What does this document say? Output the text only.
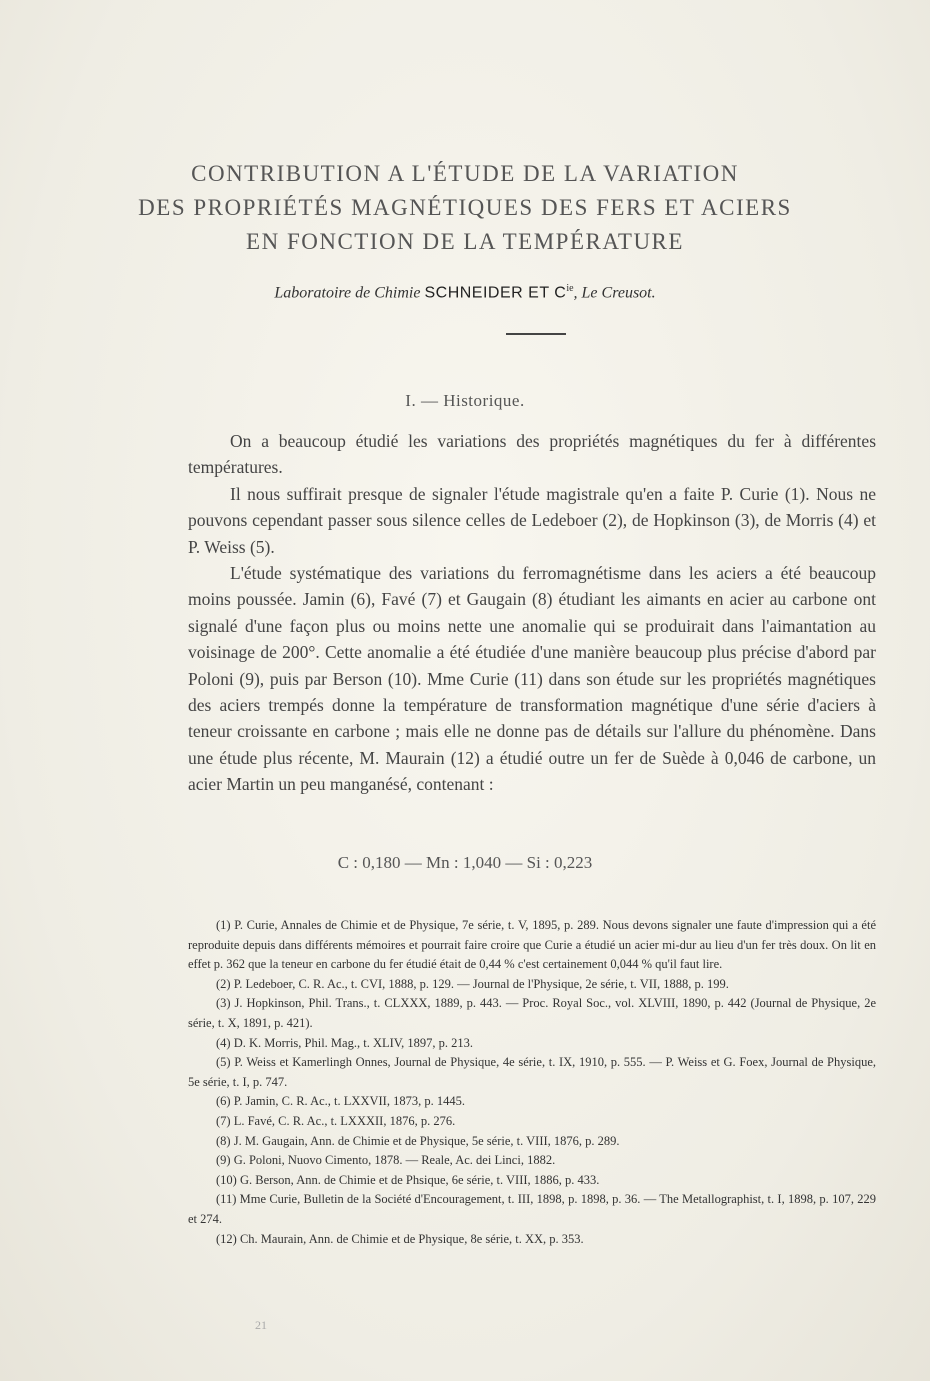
CONTRIBUTION A L'ÉTUDE DE LA VARIATION
DES PROPRIÉTÉS MAGNÉTIQUES DES FERS ET ACIERS
EN FONCTION DE LA TEMPÉRATURE
Laboratoire de Chimie SCHNEIDER ET $C^{ie}$, Le Creusot.
I. — Historique.

On a beaucoup étudié les variations des propriétés magnétiques du fer à différentes températures.

Il nous suffirait presque de signaler l'étude magistrale qu'en a faite P. Curie (1). Nous ne pouvons cependant passer sous silence celles de Ledeboer (2), de Hopkinson (3), de Morris (4) et P. Weiss (5).

L'étude systématique des variations du ferromagnétisme dans les aciers a été beaucoup moins poussée. Jamin (6), Favé (7) et Gaugain (8) étudiant les aimants en acier au carbone ont signalé d'une façon plus ou moins nette une anomalie qui se produirait dans l'aimantation au voisinage de 200°. Cette anomalie a été étudiée d'une manière beaucoup plus précise d'abord par Poloni (9), puis par Berson (10). Mme Curie (11) dans son étude sur les propriétés magnétiques des aciers trempés donne la température de transformation magnétique d'une série d'aciers à teneur croissante en carbone ; mais elle ne donne pas de détails sur l'allure du phénomène. Dans une étude plus récente, M. Maurain (12) a étudié outre un fer de Suède à 0,046 de carbone, un acier Martin un peu manganésé, contenant :

C : 0,180 — Mn : 1,040 — Si : 0,223

(1) P. Curie, Annales de Chimie et de Physique, 7e série, t. V, 1895, p. 289. Nous devons signaler une faute d'impression qui a été reproduite depuis dans différents mémoires et pourrait faire croire que Curie a étudié un acier mi-dur au lieu d'un fer très doux. On lit en effet p. 362 que la teneur en carbone du fer étudié était de 0,44 % c'est certainement 0,044 % qu'il faut lire.

(2) P. Ledeboer, C. R. Ac., t. CVI, 1888, p. 129. — Journal de l'Physique, 2e série, t. VII, 1888, p. 199.

(3) J. Hopkinson, Phil. Trans., t. CLXXX, 1889, p. 443. — Proc. Royal Soc., vol. XLVIII, 1890, p. 442 (Journal de Physique, 2e série, t. X, 1891, p. 421).

(4) D. K. Morris, Phil. Mag., t. XLIV, 1897, p. 213.

(5) P. Weiss et Kamerlingh Onnes, Journal de Physique, 4e série, t. IX, 1910, p. 555. — P. Weiss et G. Foex, Journal de Physique, 5e série, t. I, p. 747.

(6) P. Jamin, C. R. Ac., t. LXXVII, 1873, p. 1445.

(7) L. Favé, C. R. Ac., t. LXXXII, 1876, p. 276.

(8) J. M. Gaugain, Ann. de Chimie et de Physique, 5e série, t. VIII, 1876, p. 289.

(9) G. Poloni, Nuovo Cimento, 1878. — Reale, Ac. dei Linci, 1882.

(10) G. Berson, Ann. de Chimie et de Phsique, 6e série, t. VIII, 1886, p. 433.

(11) Mme Curie, Bulletin de la Société d'Encouragement, t. III, 1898, p. 1898, p. 36. — The Metallographist, t. I, 1898, p. 107, 229 et 274.

(12) Ch. Maurain, Ann. de Chimie et de Physique, 8e série, t. XX, p. 353.

21
